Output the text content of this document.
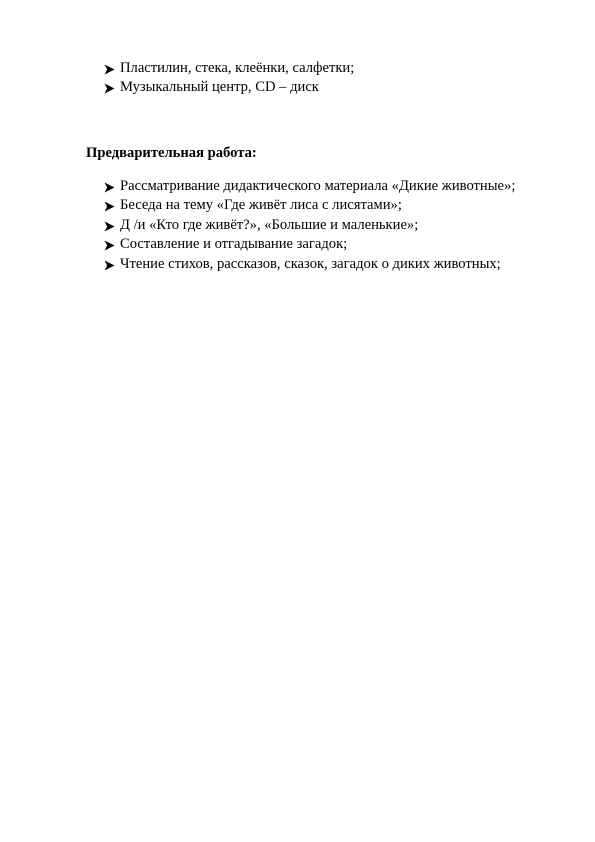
Пластилин, стека, клеёнки, салфетки;
Музыкальный центр, CD – диск

Предварительная работа:

Рассматривание дидактического материала «Дикие животные»;
Беседа на тему «Где живёт лиса с лисятами»;
Д /и «Кто где живёт?», «Большие и маленькие»;
Составление и отгадывание загадок;
Чтение стихов, рассказов, сказок, загадок о диких животных;
